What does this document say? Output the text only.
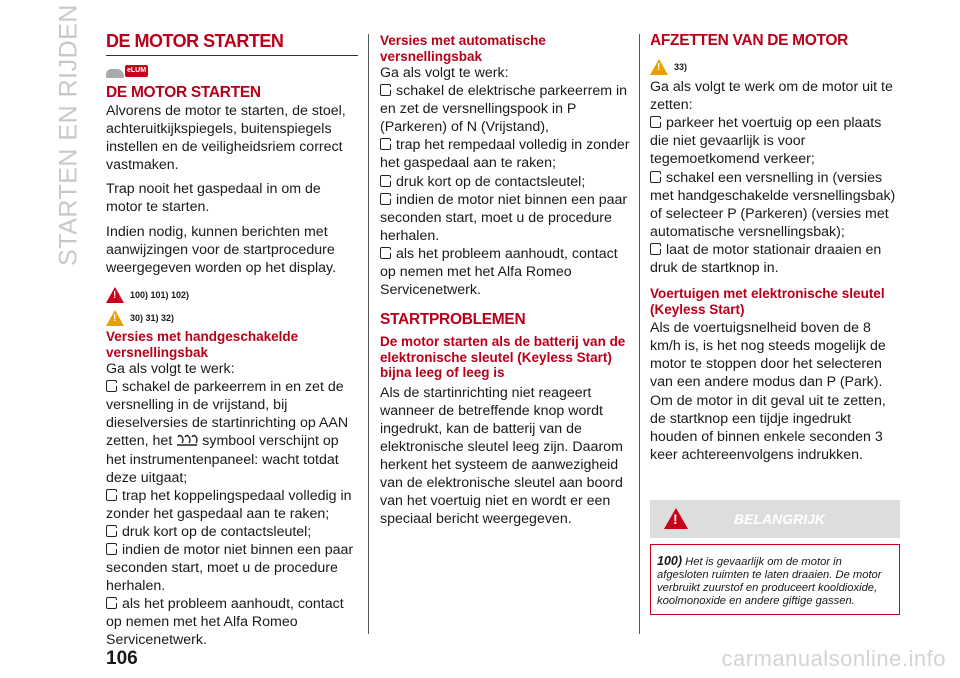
STARTEN EN RIJDEN DE MOTOR STARTEN
eLUM
DE MOTOR STARTEN

Alvorens de motor te starten, de stoel, achteruitkijkspiegels, buitenspiegels instellen en de veiligheidsriem correct vastmaken.

Trap nooit het gaspedaal in om de motor te starten.

Indien nodig, kunnen berichten met aanwijzingen voor de startprocedure weergegeven worden op het display.

!
100) 101) 102)
!
30) 31) 32)
Versies met handgeschakelde versnellingsbak

Ga als volgt te werk:

schakel de parkeerrem in en zet de versnelling in de vrijstand, bij dieselversies de startinrichting op AAN zetten, het symbool verschijnt op het instrumentenpaneel: wacht totdat deze uitgaat;

trap het koppelingspedaal volledig in zonder het gaspedaal aan te raken;

druk kort op de contactsleutel;

indien de motor niet binnen een paar seconden start, moet u de procedure herhalen.

als het probleem aanhoudt, contact op nemen met het Alfa Romeo Servicenetwerk.

Versies met automatische versnellingsbak

Ga als volgt te werk:

schakel de elektrische parkeerrem in en zet de versnellingspook in P (Parkeren) of N (Vrijstand),

trap het rempedaal volledig in zonder het gaspedaal aan te raken;

druk kort op de contactsleutel;

indien de motor niet binnen een paar seconden start, moet u de procedure herhalen.

als het probleem aanhoudt, contact op nemen met het Alfa Romeo Servicenetwerk.

STARTPROBLEMEN
De motor starten als de batterij van de elektronische sleutel (Keyless Start) bijna leeg of leeg is

Als de startinrichting niet reageert wanneer de betreffende knop wordt ingedrukt, kan de batterij van de elektronische sleutel leeg zijn. Daarom herkent het systeem de aanwezigheid van de elektronische sleutel aan boord van het voertuig niet en wordt er een speciaal bericht weergegeven.

AFZETTEN VAN DE MOTOR
!
33)

Ga als volgt te werk om de motor uit te zetten:

parkeer het voertuig op een plaats die niet gevaarlijk is voor tegemoetkomend verkeer;

schakel een versnelling in (versies met handgeschakelde versnellingsbak) of selecteer P (Parkeren) (versies met automatische versnellingsbak);

laat de motor stationair draaien en druk de startknop in.

Voertuigen met elektronische sleutel (Keyless Start)

Als de voertuigsnelheid boven de 8 km/h is, is het nog steeds mogelijk de motor te stoppen door het selecteren van een andere modus dan P (Park). Om de motor in dit geval uit te zetten, de startknop een tijdje ingedrukt houden of binnen enkele seconden 3 keer achtereenvolgens indrukken.

!
BELANGRIJK
100) Het is gevaarlijk om de motor in afgesloten ruimten te laten draaien. De motor verbruikt zuurstof en produceert kooldioxide, koolmonoxide en andere giftige gassen.
106	carmanualsonline.info
